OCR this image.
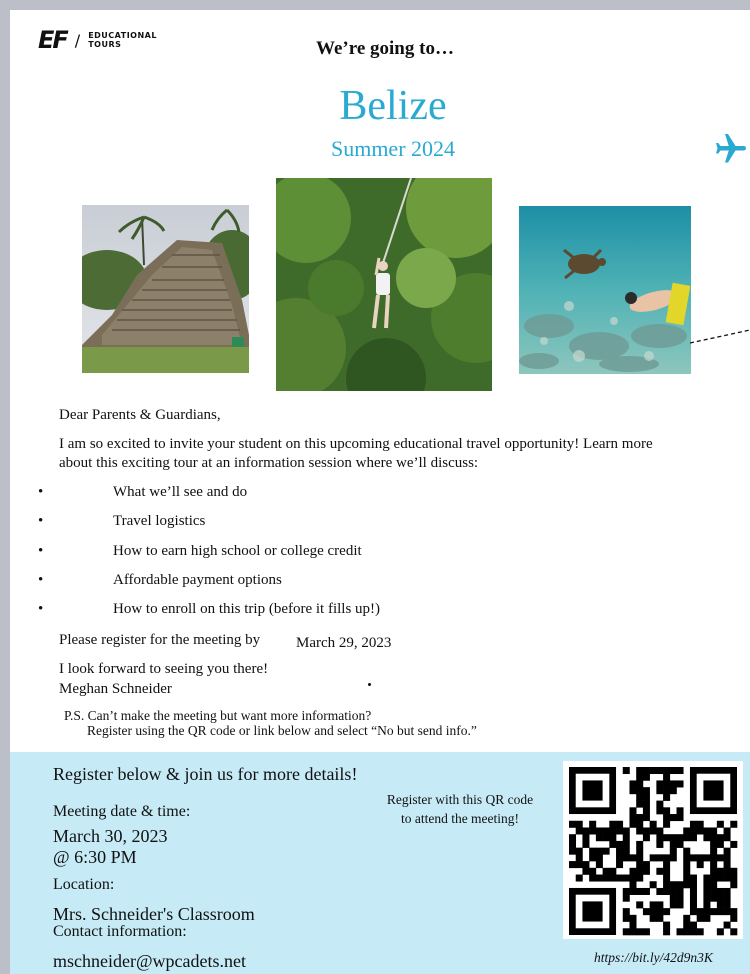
EF / EDUCATIONAL
TOURS	We’re going to…
Belize
Summer 2024
Dear Parents & Guardians,
I am so excited to invite your student on this upcoming educational travel opportunity! Learn more
about this exciting tour at an information session where we’ll discuss:
•	What we’ll see and do
•	Travel logistics
•	How to earn high school or college credit
•	Affordable payment options
•	How to enroll on this trip (before it fills up!)
Please register for the meeting by March 29, 2023
I look forward to seeing you there!
Meghan Schneider
P.S. Can’t make the meeting but want more information?
Register using the QR code or link below and select “No but send info.”
Register below & join us for more details!
Meeting date & time:
March 30, 2023
@ 6:30 PM
Location:
Mrs. Schneider's Classroom
Contact information:
mschneider@wpcadets.net
Register with this QR code
to attend the meeting!
https://bit.ly/42d9n3K
